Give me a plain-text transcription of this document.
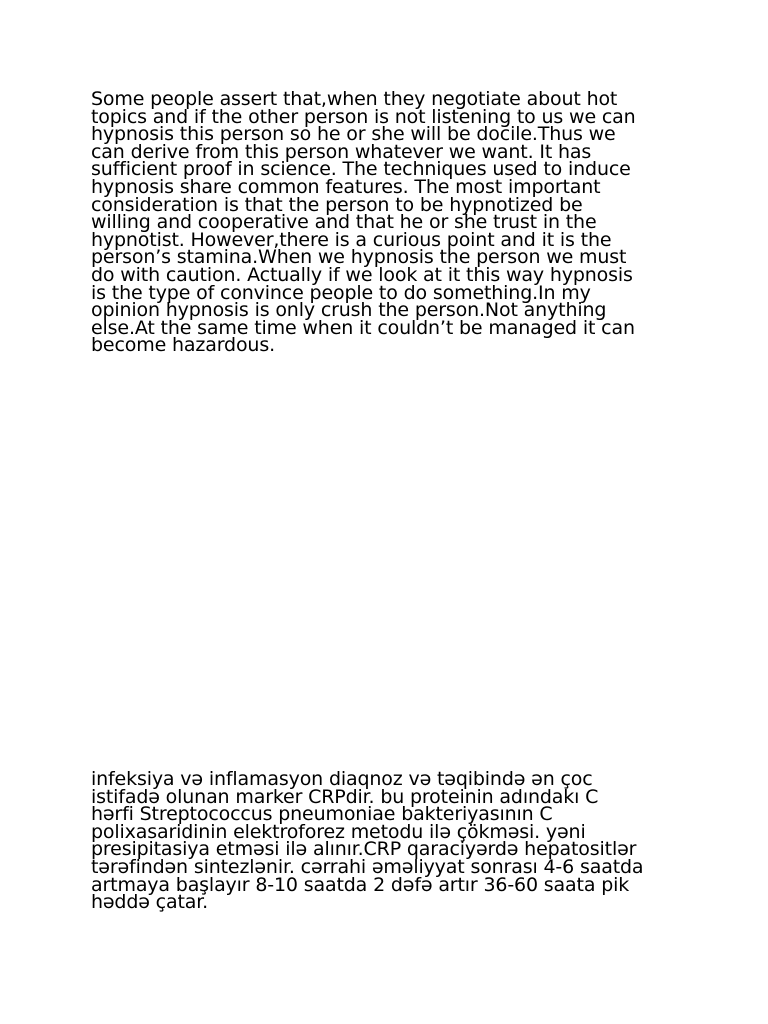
Some people assert that,when they negotiate about hot
topics and if the other person is not listening to us we can
hypnosis this person so he or she will be docile.Thus we
can derive from this person whatever we want. It has
sufficient proof in science. The techniques used to induce
hypnosis share common features. The most important
consideration is that the person to be hypnotized be
willing and cooperative and that he or she trust in the
hypnotist. However,there is a curious point and it is the
person’s stamina.When we hypnosis the person we must
do with caution. Actually if we look at it this way hypnosis
is the type of convince people to do something.In my
opinion hypnosis is only crush the person.Not anything
else.At the same time when it couldn’t be managed it can
become hazardous.

infeksiya və inflamasyon diaqnoz və təqibində ən çoc
istifadə olunan marker CRPdir. bu proteinin adındakı C
hərfi Streptococcus pneumoniae bakteriyasının C
polixasaridinin elektroforez metodu ilə çökməsi. yəni
presipitasiya etməsi ilə alınır.CRP qaraciyərdə hepatositlər
tərəfindən sintezlənir. cərrahi əməliyyat sonrası 4-6 saatda
artmaya başlayır 8-10 saatda 2 dəfə artır 36-60 saata pik
həddə çatar.
